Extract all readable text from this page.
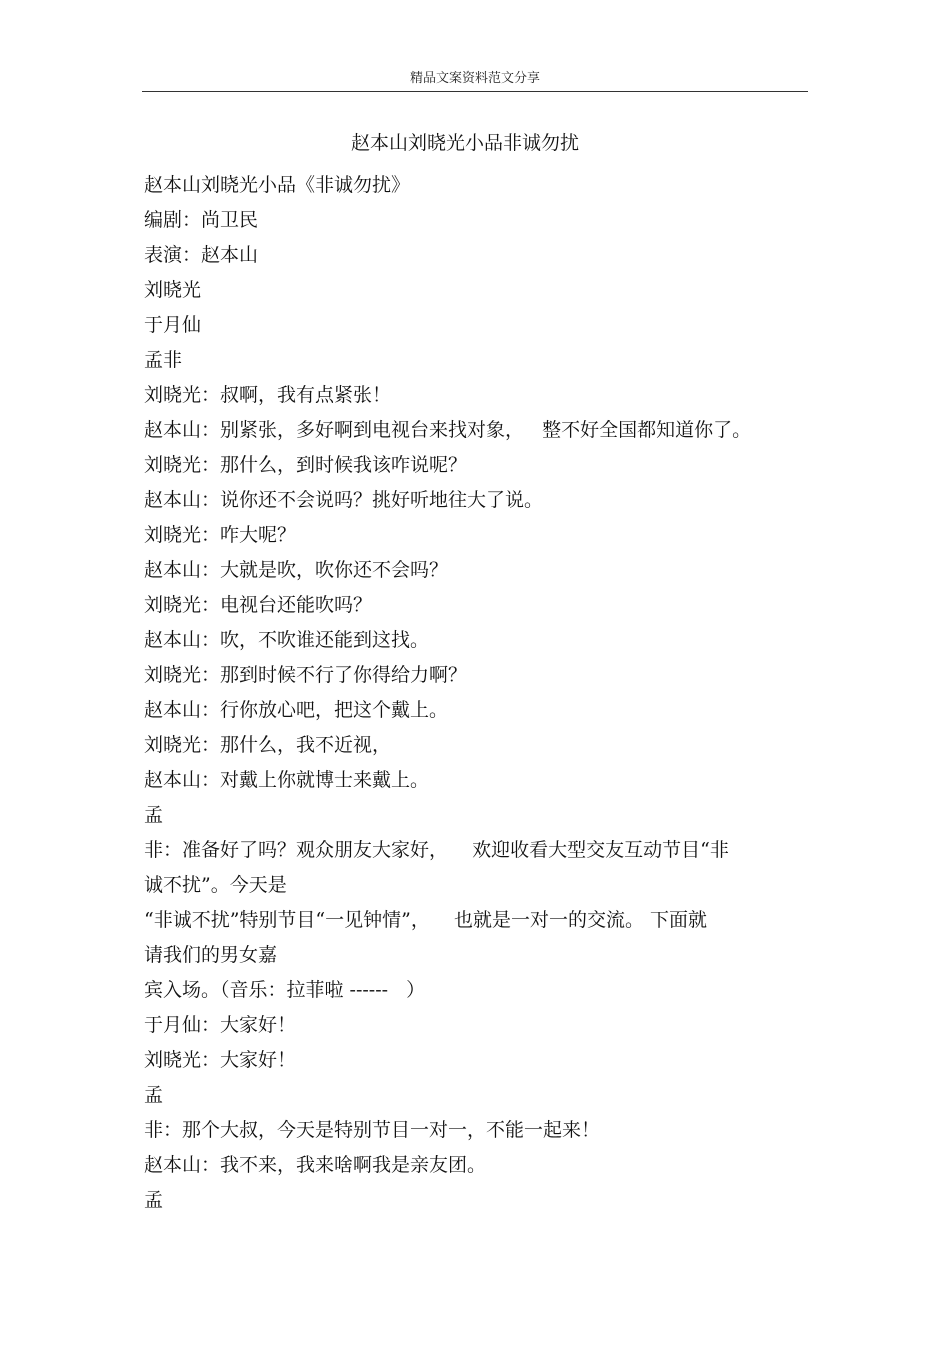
精品文案资料范文分享
赵本山刘晓光小品非诚勿扰
赵本山刘晓光小品《非诚勿扰》
编剧：尚卫民
表演：赵本山
刘晓光
于月仙
孟非
刘晓光：叔啊，我有点紧张！
赵本山：别紧张，多好啊到电视台来找对象，   整不好全国都知道你了。
刘晓光：那什么，到时候我该咋说呢？
赵本山：说你还不会说吗？挑好听地往大了说。
刘晓光：咋大呢？
赵本山：大就是吹，吹你还不会吗？
刘晓光：电视台还能吹吗？
赵本山：吹，不吹谁还能到这找。
刘晓光：那到时候不行了你得给力啊？
赵本山：行你放心吧，把这个戴上。
刘晓光：那什么，我不近视，
赵本山：对戴上你就博士来戴上。
孟
非：准备好了吗？观众朋友大家好，    欢迎收看大型交友互动节目“非
诚不扰”。今天是
“非诚不扰”特别节目“一见钟情”，    也就是一对一的交流。 下面就
请我们的男女嘉
宾入场。（音乐：拉菲啦 ------   ）
于月仙：大家好！
刘晓光：大家好！
孟
非：那个大叔，今天是特别节目一对一，不能一起来！
赵本山：我不来，我来啥啊我是亲友团。
孟
